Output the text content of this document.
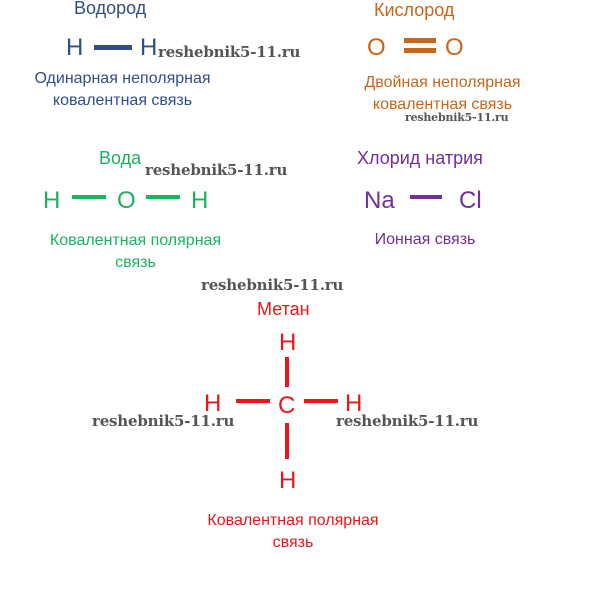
Водород
H H
Одинарная неполярная
ковалентная связь
Кислород
O O
Двойная неполярная
ковалентная связь
Вода
H O H
Ковалентная полярная
связь
Хлорид натрия
Na	Cl
Ионная связь
Метан
H
H C H
H
Ковалентная полярная
связь
reshebnik5-11.ru
reshebnik5-11.ru
reshebnik5-11.ru
reshebnik5-11.ru
reshebnik5-11.ru	reshebnik5-11.ru
